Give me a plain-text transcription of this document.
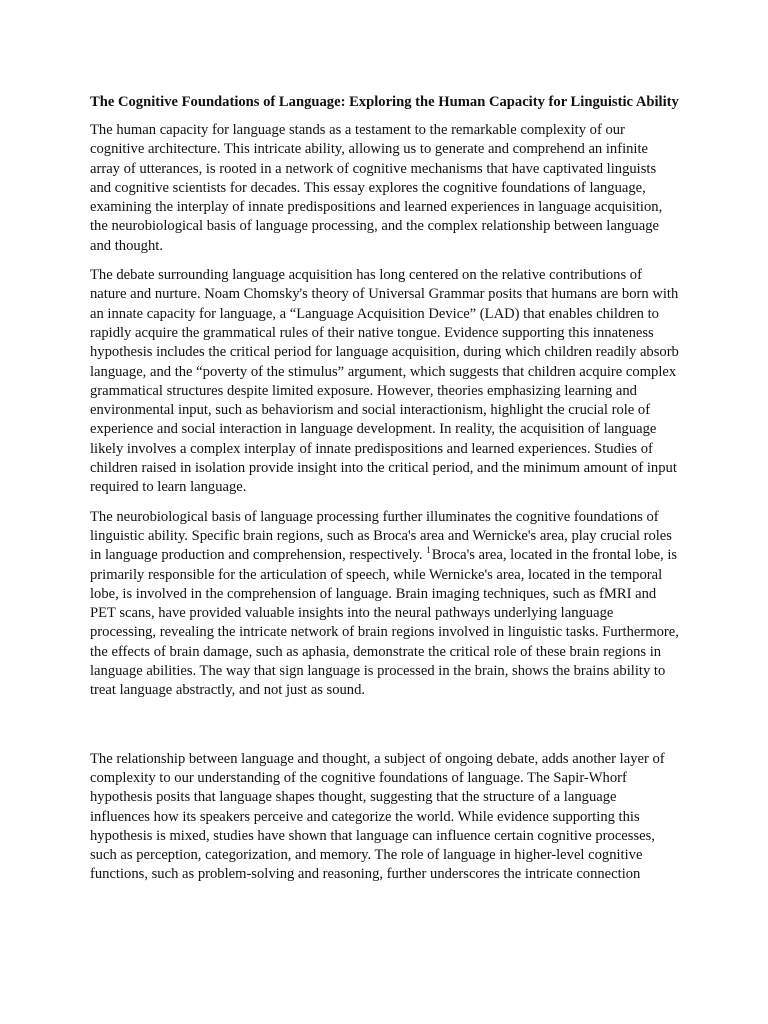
The Cognitive Foundations of Language: Exploring the Human Capacity for Linguistic Ability

The human capacity for language stands as a testament to the remarkable complexity of our cognitive architecture. This intricate ability, allowing us to generate and comprehend an infinite array of utterances, is rooted in a network of cognitive mechanisms that have captivated linguists and cognitive scientists for decades. This essay explores the cognitive foundations of language, examining the interplay of innate predispositions and learned experiences in language acquisition, the neurobiological basis of language processing, and the complex relationship between language and thought.

The debate surrounding language acquisition has long centered on the relative contributions of nature and nurture. Noam Chomsky's theory of Universal Grammar posits that humans are born with an innate capacity for language, a “Language Acquisition Device” (LAD) that enables children to rapidly acquire the grammatical rules of their native tongue. Evidence supporting this innateness hypothesis includes the critical period for language acquisition, during which children readily absorb language, and the “poverty of the stimulus” argument, which suggests that children acquire complex grammatical structures despite limited exposure. However, theories emphasizing learning and environmental input, such as behaviorism and social interactionism, highlight the crucial role of experience and social interaction in language development. In reality, the acquisition of language likely involves a complex interplay of innate predispositions and learned experiences. Studies of children raised in isolation provide insight into the critical period, and the minimum amount of input required to learn language.

The neurobiological basis of language processing further illuminates the cognitive foundations of linguistic ability. Specific brain regions, such as Broca's area and Wernicke's area, play crucial roles in language production and comprehension, respectively. $^1$Broca's area, located in the frontal lobe, is primarily responsible for the articulation of speech, while Wernicke's area, located in the temporal lobe, is involved in the comprehension of language. Brain imaging techniques, such as fMRI and PET scans, have provided valuable insights into the neural pathways underlying language processing, revealing the intricate network of brain regions involved in linguistic tasks. Furthermore, the effects of brain damage, such as aphasia, demonstrate the critical role of these brain regions in language abilities. The way that sign language is processed in the brain, shows the brains ability to treat language abstractly, and not just as sound.

The relationship between language and thought, a subject of ongoing debate, adds another layer of complexity to our understanding of the cognitive foundations of language. The Sapir-Whorf hypothesis posits that language shapes thought, suggesting that the structure of a language influences how its speakers perceive and categorize the world. While evidence supporting this hypothesis is mixed, studies have shown that language can influence certain cognitive processes, such as perception, categorization, and memory. The role of language in higher-level cognitive functions, such as problem-solving and reasoning, further underscores the intricate connection
